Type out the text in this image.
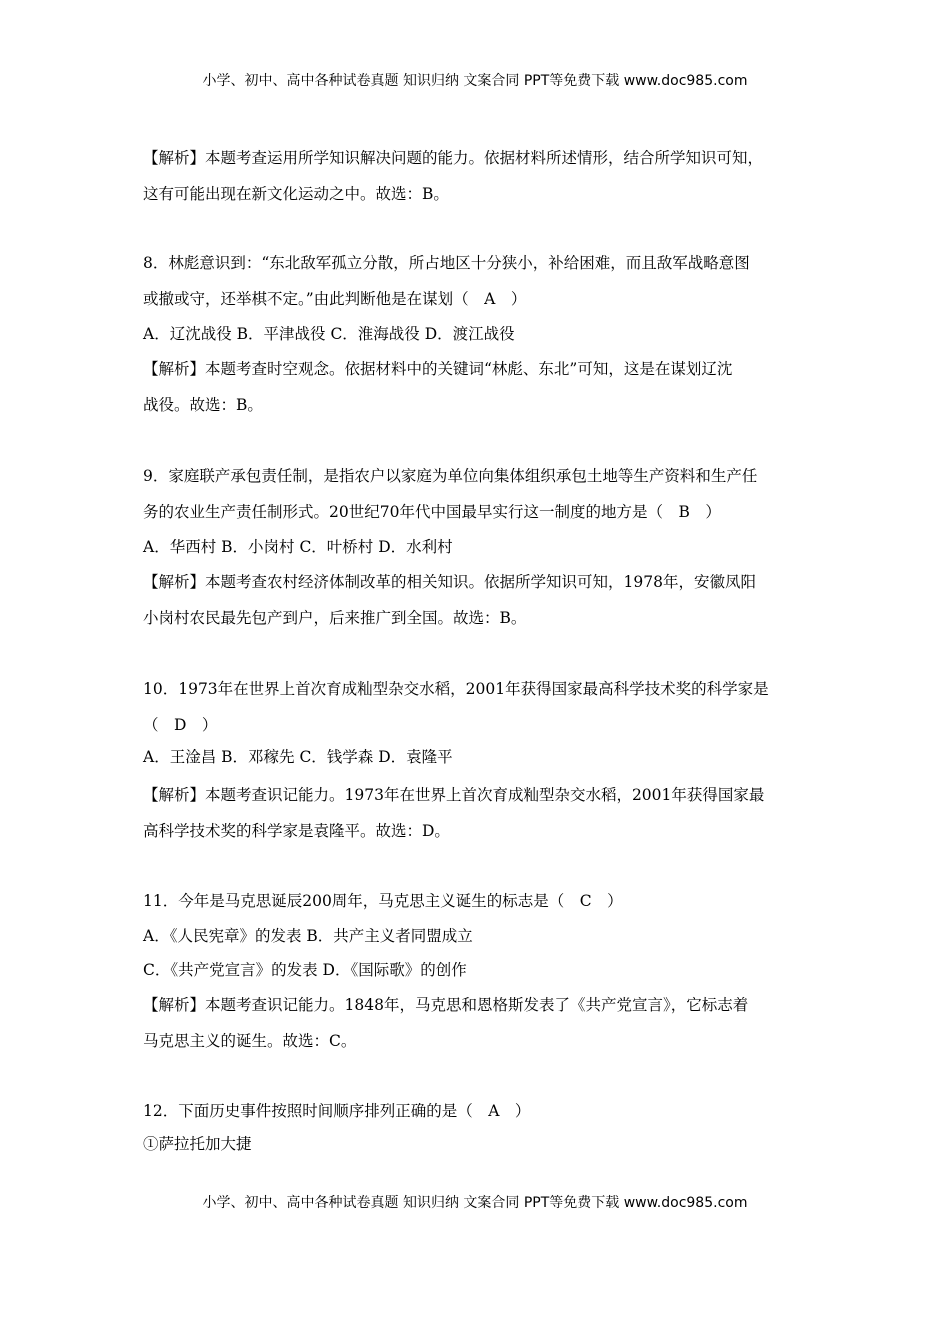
小学、初中、高中各种试卷真题 知识归纳 文案合同 PPT等免费下载 www.doc985.com
【解析】本题考查运用所学知识解决问题的能力。依据材料所述情形，结合所学知识可知，
这有可能出现在新文化运动之中。故选：B。
8．林彪意识到：“东北敌军孤立分散，所占地区十分狭小，补给困难，而且敌军战略意图
或撤或守，还举棋不定。”由此判断他是在谋划（　A　）
A．辽沈战役 B．平津战役 C．淮海战役 D．渡江战役
【解析】本题考查时空观念。依据材料中的关键词“林彪、东北”可知，这是在谋划辽沈
战役。故选：B。
9．家庭联产承包责任制，是指农户以家庭为单位向集体组织承包土地等生产资料和生产任
务的农业生产责任制形式。20世纪70年代中国最早实行这一制度的地方是（　B　）
A．华西村 B．小岗村 C．叶桥村 D．水利村
【解析】本题考查农村经济体制改革的相关知识。依据所学知识可知，1978年，安徽凤阳
小岗村农民最先包产到户，后来推广到全国。故选：B。
10．1973年在世界上首次育成籼型杂交水稻，2001年获得国家最高科学技术奖的科学家是
（　D　）
A．王淦昌 B．邓稼先 C．钱学森 D．袁隆平
【解析】本题考查识记能力。1973年在世界上首次育成籼型杂交水稻，2001年获得国家最
高科学技术奖的科学家是袁隆平。故选：D。
11．今年是马克思诞辰200周年，马克思主义诞生的标志是（　C　）
A．《人民宪章》的发表 B．共产主义者同盟成立
C．《共产党宣言》的发表 D．《国际歌》的创作
【解析】本题考查识记能力。1848年，马克思和恩格斯发表了《共产党宣言》，它标志着
马克思主义的诞生。故选：C。
12．下面历史事件按照时间顺序排列正确的是（　A　）
①萨拉托加大捷
小学、初中、高中各种试卷真题 知识归纳 文案合同 PPT等免费下载 www.doc985.com
